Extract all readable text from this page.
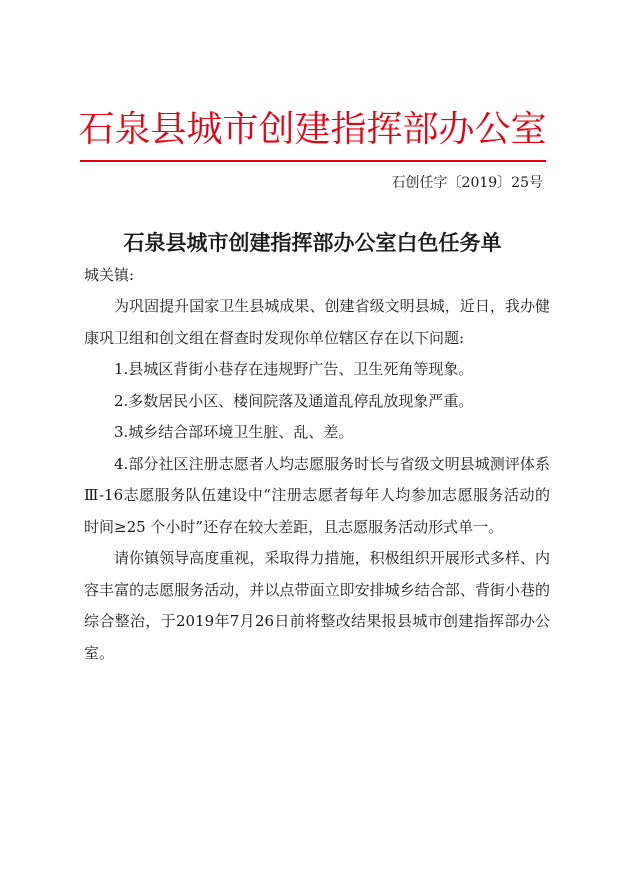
石泉县城市创建指挥部办公室
石创任字〔2019〕25号
石泉县城市创建指挥部办公室白色任务单
城关镇:

为巩固提升国家卫生县城成果、创建省级文明县城，近日，我办健康巩卫组和创文组在督查时发现你单位辖区存在以下问题:

1.县城区背街小巷存在违规野广告、卫生死角等现象。

2.多数居民小区、楼间院落及通道乱停乱放现象严重。

3.城乡结合部环境卫生脏、乱、差。

4.部分社区注册志愿者人均志愿服务时长与省级文明县城测评体系Ⅲ-16志愿服务队伍建设中“注册志愿者每年人均参加志愿服务活动的时间≥25 个小时”还存在较大差距，且志愿服务活动形式单一。

请你镇领导高度重视，采取得力措施，积极组织开展形式多样、内容丰富的志愿服务活动，并以点带面立即安排城乡结合部、背街小巷的综合整治，于2019年7月26日前将整改结果报县城市创建指挥部办公室。
